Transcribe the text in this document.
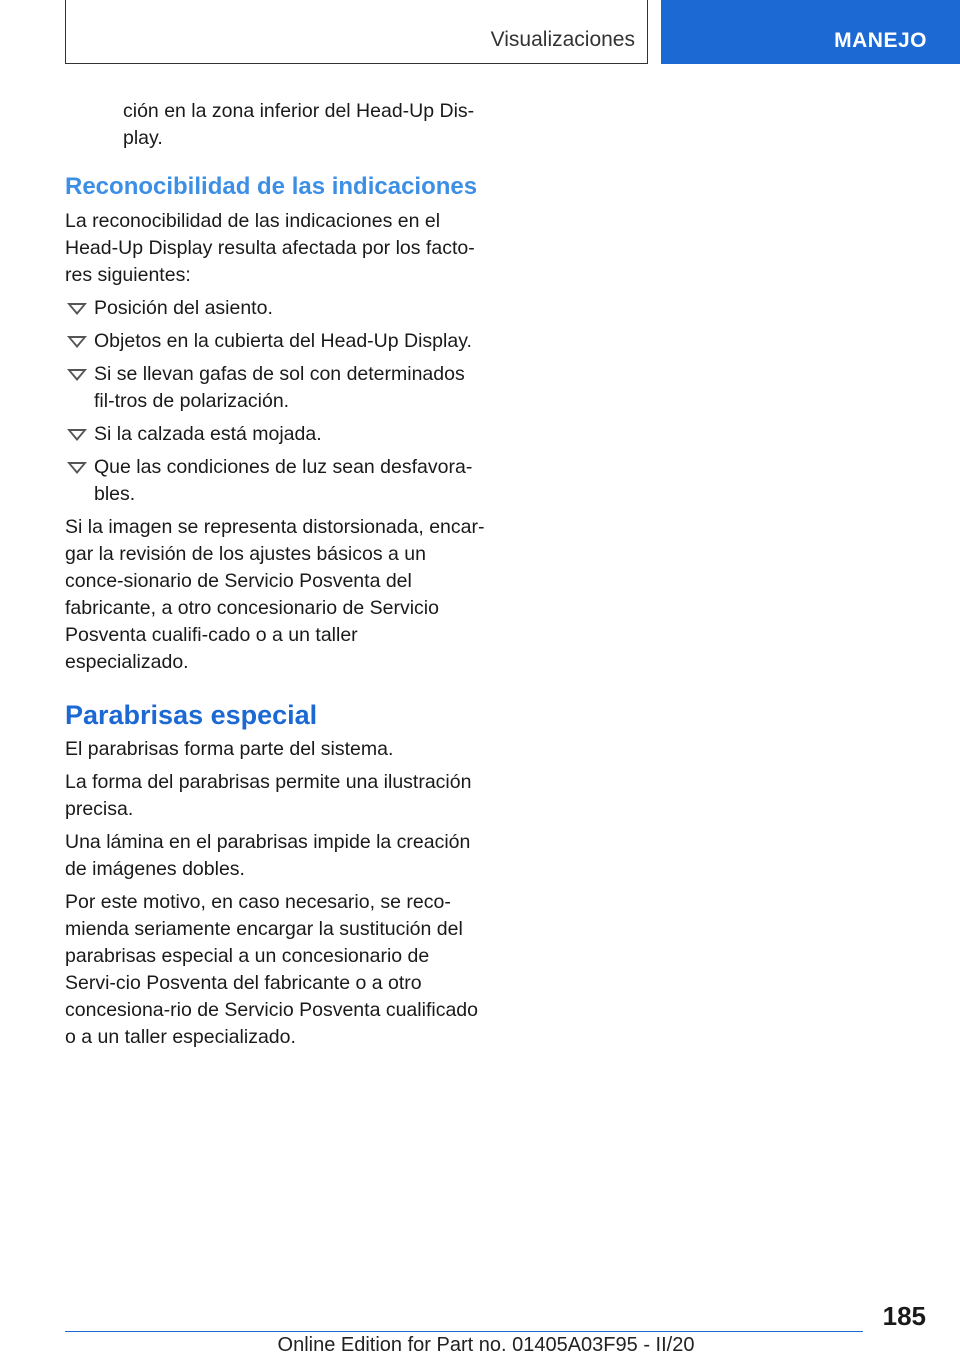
Visualizaciones	MANEJO

ción en la zona inferior del Head-Up Dis-
play.

Reconocibilidad de las indicaciones

La reconocibilidad de las indicaciones en el Head-Up Display resulta afectada por los facto-res siguientes:

Posición del asiento.
Objetos en la cubierta del Head-Up Display.
Si se llevan gafas de sol con determinados fil-tros de polarización.
Si la calzada está mojada.
Que las condiciones de luz sean desfavora-bles.

Si la imagen se representa distorsionada, encar-gar la revisión de los ajustes básicos a un conce-sionario de Servicio Posventa del fabricante, a otro concesionario de Servicio Posventa cualifi-cado o a un taller especializado.

Parabrisas especial

El parabrisas forma parte del sistema.

La forma del parabrisas permite una ilustración precisa.

Una lámina en el parabrisas impide la creación de imágenes dobles.

Por este motivo, en caso necesario, se reco-mienda seriamente encargar la sustitución del parabrisas especial a un concesionario de Servi-cio Posventa del fabricante o a otro concesiona-rio de Servicio Posventa cualificado o a un taller especializado.

185
Online Edition for Part no. 01405A03F95 - II/20
